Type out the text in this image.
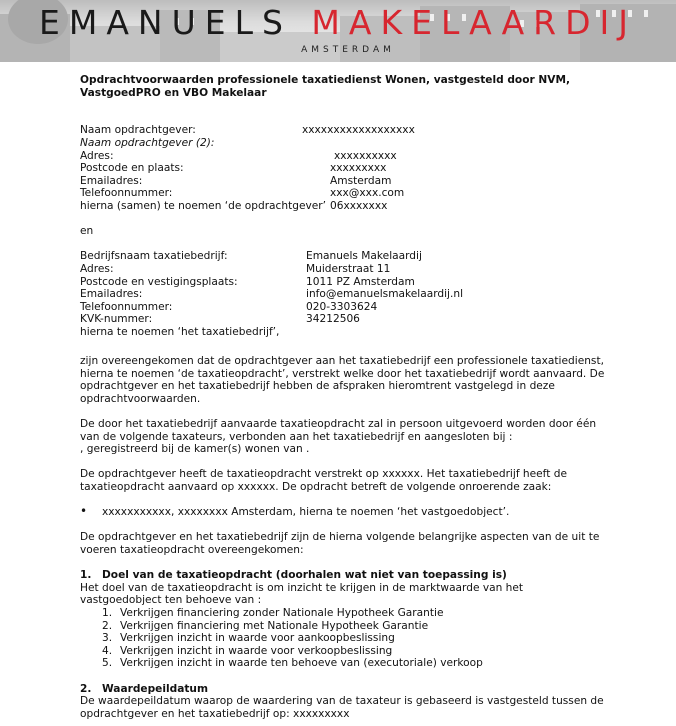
EMANUELS MAKELAARDIJ
AMSTERDAM
Opdrachtvoorwaarden professionele taxatiedienst Wonen, vastgesteld door NVM,
VastgoedPRO en VBO Makelaar
Naam opdrachtgever:	xxxxxxxxxxxxxxxxxx
Naam opdrachtgever (2):
Adres:	xxxxxxxxxx
Postcode en plaats:	xxxxxxxxx
Emailadres:	Amsterdam
Telefoonnummer:	xxx@xxx.com
hierna (samen) te noemen ‘de opdrachtgever’ 06xxxxxxx
en
Bedrijfsnaam taxatiebedrijf:	Emanuels Makelaardij
Adres:	Muiderstraat 11
Postcode en vestigingsplaats:	1011 PZ Amsterdam
Emailadres:	info@emanuelsmakelaardij.nl
Telefoonnummer:	020-3303624
KVK-nummer:	34212506
hierna te noemen ‘het taxatiebedrijf’,
zijn overeengekomen dat de opdrachtgever aan het taxatiebedrijf een professionele taxatiedienst,
hierna te noemen ‘de taxatieopdracht’, verstrekt welke door het taxatiebedrijf wordt aanvaard. De
opdrachtgever en het taxatiebedrijf hebben de afspraken hieromtrent vastgelegd in deze
opdrachtvoorwaarden.
De door het taxatiebedrijf aanvaarde taxatieopdracht zal in persoon uitgevoerd worden door één
van de volgende taxateurs, verbonden aan het taxatiebedrijf en aangesloten bij :
, geregistreerd bij de kamer(s) wonen van .
De opdrachtgever heeft de taxatieopdracht verstrekt op xxxxxx. Het taxatiebedrijf heeft de
taxatieopdracht aanvaard op xxxxxx. De opdracht betreft de volgende onroerende zaak:
• xxxxxxxxxxx, xxxxxxxx Amsterdam, hierna te noemen ‘het vastgoedobject’.
De opdrachtgever en het taxatiebedrijf zijn de hierna volgende belangrijke aspecten van de uit te
voeren taxatieopdracht overeengekomen:
1. Doel van de taxatieopdracht (doorhalen wat niet van toepassing is)
Het doel van de taxatieopdracht is om inzicht te krijgen in de marktwaarde van het
vastgoedobject ten behoeve van :
1. Verkrijgen financiering zonder Nationale Hypotheek Garantie
2. Verkrijgen financiering met Nationale Hypotheek Garantie
3. Verkrijgen inzicht in waarde voor aankoopbeslissing
4. Verkrijgen inzicht in waarde voor verkoopbeslissing
5. Verkrijgen inzicht in waarde ten behoeve van (executoriale) verkoop
2. Waardepeildatum
De waardepeildatum waarop de waardering van de taxateur is gebaseerd is vastgesteld tussen de
opdrachtgever en het taxatiebedrijf op: xxxxxxxxx
